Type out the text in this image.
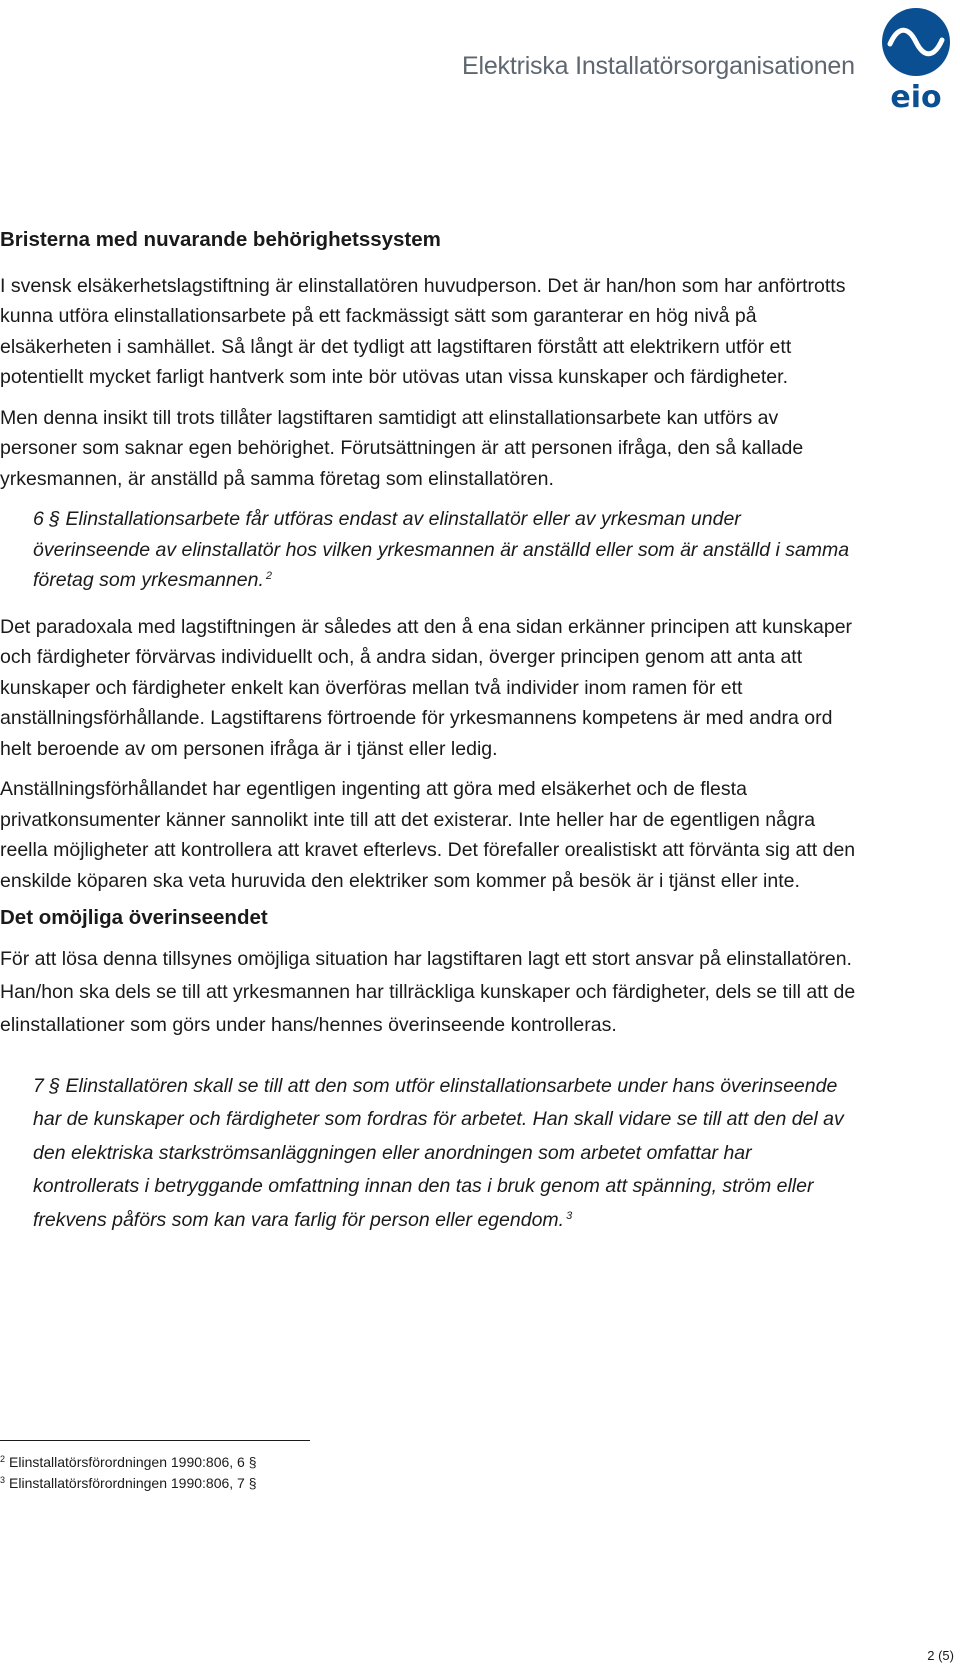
Elektriska Installatörsorganisationen
eio
Bristerna med nuvarande behörighetssystem

I svensk elsäkerhetslagstiftning är elinstallatören huvudperson. Det är han/hon som har anförtrotts kunna utföra elinstallationsarbete på ett fackmässigt sätt som garanterar en hög nivå på elsäkerheten i samhället. Så långt är det tydligt att lagstiftaren förstått att elektrikern utför ett potentiellt mycket farligt hantverk som inte bör utövas utan vissa kunskaper och färdigheter.

Men denna insikt till trots tillåter lagstiftaren samtidigt att elinstallationsarbete kan utförs av personer som saknar egen behörighet. Förutsättningen är att personen ifråga, den så kallade yrkesmannen, är anställd på samma företag som elinstallatören.

6 § Elinstallationsarbete får utföras endast av elinstallatör eller av yrkesman under överinseende av elinstallatör hos vilken yrkesmannen är anställd eller som är anställd i samma företag som yrkesmannen. $^2$

Det paradoxala med lagstiftningen är således att den å ena sidan erkänner principen att kunskaper och färdigheter förvärvas individuellt och, å andra sidan, överger principen genom att anta att kunskaper och färdigheter enkelt kan överföras mellan två individer inom ramen för ett anställningsförhållande. Lagstiftarens förtroende för yrkesmannens kompetens är med andra ord helt beroende av om personen ifråga är i tjänst eller ledig.

Anställningsförhållandet har egentligen ingenting att göra med elsäkerhet och de flesta privatkonsumenter känner sannolikt inte till att det existerar. Inte heller har de egentligen några reella möjligheter att kontrollera att kravet efterlevs. Det förefaller orealistiskt att förvänta sig att den enskilde köparen ska veta huruvida den elektriker som kommer på besök är i tjänst eller inte.

Det omöjliga överinseendet

För att lösa denna tillsynes omöjliga situation har lagstiftaren lagt ett stort ansvar på elinstallatören. Han/hon ska dels se till att yrkesmannen har tillräckliga kunskaper och färdigheter, dels se till att de elinstallationer som görs under hans/hennes överinseende kontrolleras.

7 § Elinstallatören skall se till att den som utför elinstallationsarbete under hans överinseende har de kunskaper och färdigheter som fordras för arbetet. Han skall vidare se till att den del av den elektriska starkströmsanläggningen eller anordningen som arbetet omfattar har kontrollerats i betryggande omfattning innan den tas i bruk genom att spänning, ström eller frekvens påförs som kan vara farlig för person eller egendom. $^3$

$^2$ Elinstallatörsförordningen 1990:806, 6 §
$^3$ Elinstallatörsförordningen 1990:806, 7 §
2 (5)
